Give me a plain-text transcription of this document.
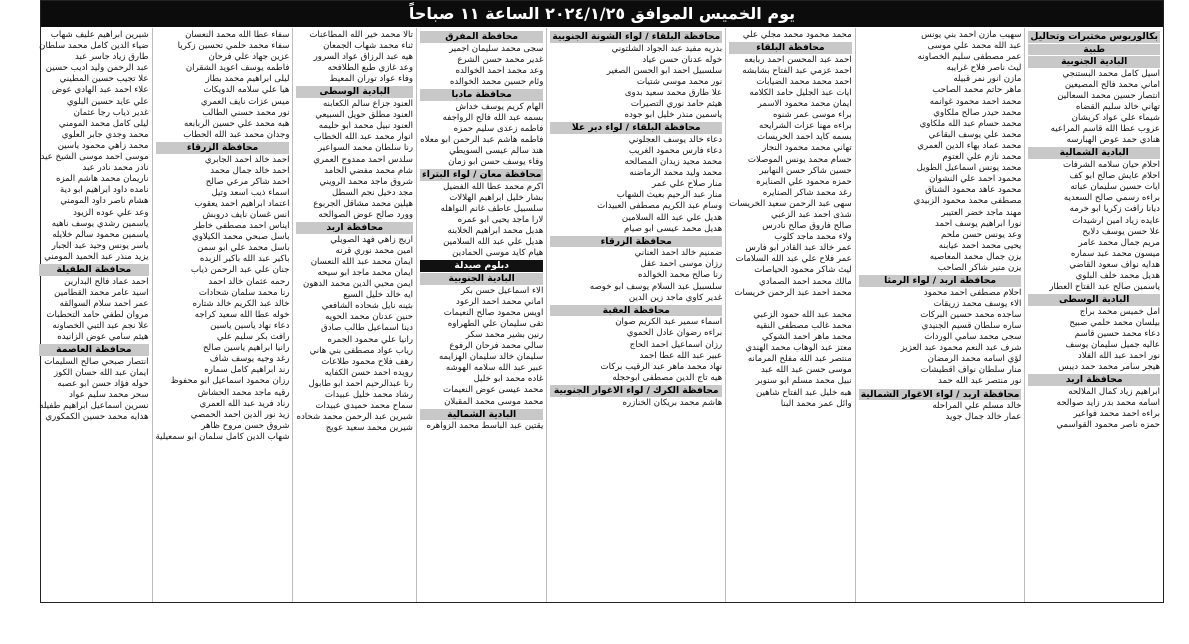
يوم الخميس الموافق ٢٠٢٤/١/٢٥ الساعة ١١ صباحاً
بكالوريوس مختبرات وتحاليل
طبية
البادية الجنوبية
اسيل كامل محمد البستنجي
اماني محمد فالح المصيعين
انتصار حسين محمد السعالين
تهاني خالد سليم القضاه
شيماء علي عواد كريشان
عروب عطا الله قاسم المراعيه
هنادي حمد عوض الهبارسه
البادية الشمالية
احلام حيان سلامه الشرفات
احلام عايش صالح ابو كف
ايات حسين سليمان عباته
براءه رسمي صالح السعديه
ديانا رافت زكريا ابو خرمه
عايده زياد امين ارشيدات
علا حسن يوسف دلايح
مريم جمال محمد عامر
ميسون محمد عبد سماره
هدايه نواف سعود القاضي
هديل محمد خلف البلوي
ياسمين صالح عبد الفتاح العطار
البادية الوسطى
امل خميس محمد براج
بيلسان محمد حلمي صبيح
دعاء محمد حسين قاسم
عاليه جميل سليمان يوسف
نور احمد عبد الله الفلاد
هيجر سامر محمد حمد ديبس
محافظة اربد
ابراهيم زياد كمال الملالحه
اسامه محمد بدر زايد صوالحه
براءه احمد محمد فواعير
حمزه ناصر محمود القواسمي
سهيب مازن احمد بني يونس
عبد الله محمد علي موسى
عمر مصطفى سليم الخصاونه
ليث ناصر فلاح غرايبه
مازن انور نمر قبيله
ماهر حاتم محمد الصاحب
محمد احمد محمود غوانمه
محمد حيدر صالح ملكاوي
محمد حسام عبد الله ملكاوي
محمد علي يوسف البقاعي
محمد عماد بهاء الدين العمري
محمد نازم علي العتوم
محمد يونس اسماعيل الطويل
محمود احمد علي النشوان
محمود عاهد محمود الشناق
مصطفى محمد محمود الزبيدي
مهند ماجد خضر العتيبر
نورا ابراهيم يوسف احمد
وعد يونس حسن ملحم
يحيى محمد احمد عيابنه
يزن جمال محمد المعاصيه
يزن منير شاكر الصاحب
محافظة اربد / لواء الرمثا
احلام مصطفى احمد محمود
الاء يوسف محمد زريقات
ساجده محمد حسين البركات
ساره سلطان قسيم الجنيدي
سجى محمد سامي الوردات
شرف عبد النعم محمود عبد العزيز
لؤي اسامه محمد الرمضان
منار سلطان نواف اقطيشات
نور منتصر عبد الله حمد
محافظة اربد / لواء الاغوار الشمالية
خالد مسلم علي المراحله
عمار خالد جمال جويد
محمد محمود محمد مجلي علي
محافظة البلقاء
احمد عبد المحسن احمد ربابعه
احمد عزمي عبد الفتاح بشابشه
احمد محمد محمد الضيابات
ايات عبد الجليل حامد الكلامه
ايمان محمد محمود الاسمر
براء موسى عمر شنوه
براءه مهنا عزات الشرايحه
بسمه كايد احمد الخريسات
تهاني محمد محمود النجار
حسام محمد يونس الموصلات
حسين شاكر حسن النهابير
حمزه محمود علي الصنايره
رغد محمد شاكر الصنايره
سهى عبد الرحمن سعيد الخريسات
شذى احمد عبد الزعبي
صالح فاروق صالح نادرس
ولاء محمد ماجد كلوب
عمر خالد عبد القادر ابو فارس
عمر فلاح علي عبد الله السلامات
ليث شاكر محمود الحياصات
مالك محمد احمد الصمادي
محمد احمد عبد الرحمن خريسات
محمد عبد الله حمود الزعبي
محمد غالب مصطفى النقيه
محمد ماهر احمد الشوكي
معتز عبد الوهاب محمد الهندي
منتصر عبد الله مفلح المرمانه
موسى حسن عبد الله عبد
نبيل محمد مسلم ابو سنوبر
هبه خليل عبد الفتاح شاهين
وائل عمر محمد البنا
محافظة البلقاء / لواء الشونة الجنوبية
بدريه مفيد عبد الجواد الشلتوني
خوله عدنان حسن عياد
سلسبيل احمد ابو الحسن الصغير
نور محمد موسى شتيات
علا طارق محمد سعيد بدوى
هيثم حامد نوري التصيرات
ياسمين منذر خليل ابو جوده
محافظة البلقاء / لواء دير علا
دعاء خالد يوسف العجلوني
دعاء فارس محمود الغريب
محمد مجيد زيدان المصالحه
محمد وليد محمد الرماضنه
منار صلاح علي عمر
منار عبد الرحيم بعيث الشهاب
وسام عبد الكريم مصطفى العبيدات
هديل علي عبد الله السلامين
هديل محمد عيسى ابو صيام
محافظة الزرقاء
ضمنيم خالد احمد العناني
رزان موسى احمد عقل
رنا صالح محمد الخوالده
سلسبيل عبد السلام يوسف ابو خوصه
غدير كاوي ماجد زين الدين
محافظة العقبة
اسماء سمير عبد الكريم صوان
براءه رضوان عادل الحموي
رزان اسماعيل احمد الحاج
عبير عبد الله عطا احمد
نهاد محمد ماهر عبد الرقيب بركات
هيه تاج الدين مصطفى ابوحجله
محافظة الكرك / لواء الاغوار الجنوبية
هاشم محمد بريكان الخنازره
محافظة المفرق
سجى محمد سليمان اجمير
غدير محمد حسن الشرع
وعد محمد احمد الخوالده
وئام حسين محمد الخوالده
محافظة مادبا
الهام كريم يوسف خداش
بسمه عبد الله فالح الرواجفه
فاطمه زعدى سليم حمزه
فاطمه هاشم عبد الرحمن ابو معلاه
هند سالم عيسى السويطي
وفاء يوسف حسن ابو زمان
محافظة معان / لواء البتراء
اكرم محمد عطا الله الفضيل
بشار خليل ابراهيم الهلالات
سلسبيل عاطف غانم النواهله
لارا ماجد يحيى ابو عمره
هديل محمد ابراهيم الخلابنه
هديل علي عبد الله السلامين
هيام كايد موسى الحمادين
دبلوم صيدلة
البادية الجنوبية
الاء اسماعيل حسن بكر
اماني محمد احمد الرعود
اويس محمود صالح النعيمات
تقى سليمان علي الطهراوه
رنين بشير محمد سكر
سالي محمد فرحان الرفوع
سليمان خالد سليمان الهزايمه
عبير عبد الله سلامه الهوشه
غاده محمد ابو خليل
محمد عيسى عوض النعيمات
محمد موسى محمد المقبلان
البادية الشمالية
يقتين عبد الباسط محمد الزواهره
تالا محمد خير الله المطاعنات
ثناء محمد شهاب الجمعان
هيه عبد الرزاق عواد السرور
وعد غازي طبع الطلافحه
وفاء عواد توران المعيط
البادية الوسطى
العنود جزاع سالم الكعابنه
العنود مطلق حويل السبيعي
العنود نبيل محمد ابو حليمه
انوار محمد عبد الله الخطاب
رنا سلطان محمد السواعير
سلدس احمد ممدوح العمري
شام محمد مفضي الحامد
شروق ماجد محمد الرويني
مجد دخيل نجم السطل
هيلين محمد مشاقل الجربوع
وورد صالح عوض الصوالحه
محافظة اربد
اريج زاهي فهد الصويلي
امين محمد نوري قرنه
ايمان محمد عبد الله النعسان
ايمان محمد ماجد ابو سيحه
ايمن محيي الدين محمد الدهون
ايه خالد خليل السيع
بثينه نايل شحاده الشافعي
حنين عدنان محمد الحويه
دينا اسماعيل طالب صادق
رانيا علي محمود الجمره
رياب عواد مصطفى بني هاني
رهف فلاح محمود طلاعات
رويده احمد حسن الكفايه
رنا عبدالرحيم احمد ابو طابول
رشاد محمد خليل عبيدات
سماح محمد حميدي عبيدات
شيرين عبد الرحمن محمد شحاده
شيرين محمد سعيد عويج
سفاء عطا الله محمد النعسان
سفاء محمد حلمي تحسين زكريا
عزين جهاد علي فرحان
فاطمه يوسف اعويد الشقران
ليلى ابراهيم محمد بطاز
هيا علي سلامه الدويكات
ميس عزات نايف العمري
نور محمد حسني الطالب
هبه محمد علي حسين الربابعه
وجدان محمد عبد الله الحطاب
محافظة الزرقاء
احمد خالد احمد الجابري
احمد خالد جمال محمد
احمد شاكر مرعي صالح
اسماء ذيب اسعد وتيل
اعتماد ابراهيم احمد يعقوب
انس غسان نايف دروبش
ايناس احمد مصطفى خاطر
باسل صبحي محمد الكيلاوي
باسل محمد علي ابو سمن
باكير عبد الله باكير الزبده
جنان علي عبد الرحمن ذياب
رحمه عثمان خالد احمد
رنا محمد سلمان شحادات
خالد عبد الكريم خالد شتاره
خوله عطا الله سعيد كراجه
دعاء نهاد ياسين ياسين
رافت بكر سليم علي
رانيا ابراهيم ياسين صالح
رغد وجيه يوسف شاف
رند ابراهيم كامل سماره
رزان محمود اسماعيل ابو محفوظ
رقيه ماجد محمد الحشاش
رناد فريد عبد الله العمري
زيد نور الدين احمد الحمصي
شروق حسن مروح ظاهر
شهاب الدين كامل سلمان ابو سمعيلية
شيرين ابراهيم عليف شهاب
ضياء الدين كامل محمد سلطان
طارق زياد جاسر عبد
عبد الرحمن وليد اديب حسين
علا تجيب حسين المطيني
علاء احمد عبد الهادي عوض
علي عايد حسين البلوي
غدير ذياب رجا عثمان
ليلى كامل محمد المومني
محمد وجدي جابر العلوي
محمد زاهي محمود ياسين
موسى احمد موسى الشيخ عيد
نادر محمد نادر عبد
ناريمان محمد هاشم المزه
نامده داود ابراهيم ابو دية
هشام ناصر داود المومني
وعد علي عوده الزيود
ياسمين رشدي يوسف ناهيه
ياسمين محمود سالم خلايله
ياسر يونس وحيد عبد الجبار
يزيد منذر عبد الحميد المومني
محافظة الطفيلة
احمد عماد فالح البدارين
اسيد عامر محمد القطامين
عمر احمد سلام السوالقه
مروان لطفي حامد التحطبات
علا نجم عبد التبي الخصاونه
هيثم سامي عوض الزانيده
محافظة العاصمة
انتصار صبحي صالح السليمات
ايمان عبد الله حسان الكوز
حوله فؤاد حسن ابو عصبه
سحر محمد سليم عواد
نسرين اسماعيل ابراهيم طفيله
هدايه محمد حسين الكمكوري
